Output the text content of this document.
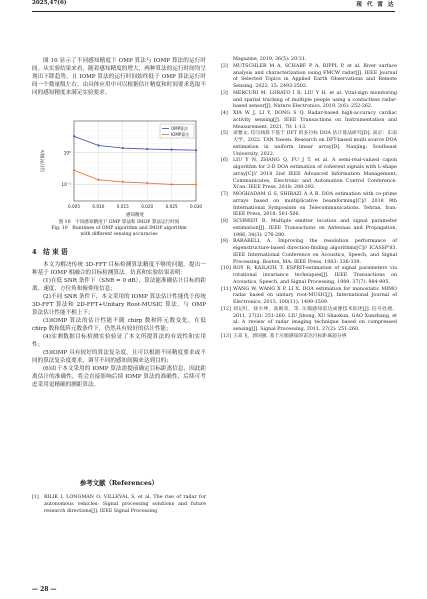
2025,47(6)	现 代 雷 达

图 10 显示了不同感知精度下 OMP 算法与 IOMP 算法的运行时间。从实验结果来看，随着感知精度的增大，两种算法的运行时间均呈现出下降趋势，且 IOMP 算法的运行时间始终低于 OMP 算法运行时间一个数量级左右。由具体应用中可以根据估计精度和时间要求选取不同的感知精度来满足实验要求。

0.005	0.010	0.015	0.020	0.025	0.030
10⁰
10⁻¹
OMP算法
IOMP算法
感知精度
运行时间/s
图 10　不同感知精度下 OMP 算法和 IMOP 算法运行时间
Fig. 10　Runtimes of OMP algorithm and IMOP algorithm
with different sensing accuracies
4　结 束 语

本文为解决传统 3D-FFT 目标检测算法精度不够的问题，提出一种基于 IOMP 相融合的目标检测算法。仿真和实验结果表明：

(1)在低 SNR 条件下（SNR = 0 dB），算法能准确估计目标的距离、速度、方位角和俯仰角信息；

(2)不同 SNR 条件下，本文采用的 IOMP 算法估计性能优于传统 3D-FFT 算法和 2D-FFT+Unitary Root-MUSIC 算法，与 OMP 算法估计性能不相上下；

(3)IOMP 算法的估计性能不随 chirp 数和阵元数变化，在低 chirp 数和低阵元数条件下，仍然具有较好的估计性能；

(4)实测数据目标检测实验验证了本文所提算法的有效性和实用性；

(5)IOMP 具有较好的算法复杂度，且可以根据不同精度要求或不同的算法复杂度要求，调节不同的感知间隔来达到目的；

(6)由于本文采用的 IOMP 算法需提前确定目标距离信息，因此距离估计的准确性，将会直接影响后续 IOMP 算法的准确性，后续可考虑采用更精确的测距算法。

参考文献（References）
[1]	BILIK I, LONGMAN O, VILLEVAL S, et al. The rise of radar for autonomous vehicles: Signal processing solutions and future research directions[J]. IEEE Signal Processing
Magazine, 2019, 36(5): 20-31.
[2]	MUTSCHLER M A, SCHARF P A, RIPPL P, et al. River surface analysis and characterization using FMCW radar[J]. IEEE Journal of Selected Topics in Applied Earth Observations and Remote Sensing, 2022, 15: 2493-2502.
[3]	MERCURI M, LORATO I R, LIU Y H, et al. Vital-sign monitoring and spatial tracking of multiple people using a contactless radar-based sensor[J]. Nature Electronics, 2019, 2(6): 252-262.
[4]	XIA W J, LI Y, DONG S Q. Radar-based high-accuracy cardiac activity sensing[J]. IEEE Transactions on Instrumentation and Measurement, 2021, 70: 1-13.
[5]	谈雅文. 均匀线阵下基于 DFT 的多目标 DOA 估计算法研究[D]. 南京：东南大学，2022. TAN Yawen. Research on DFT-based multi source DOA estimation in uniform linear array[D]. Nanjing: Southeast University, 2022.
[6]	LIU Y N, ZHANG Q, FU J T, et al. A semi-real-valued capon algorithm for 2-D DOA estimation of coherent signals with L-shape array[C]// 2018 2nd IEEE Advanced Information Management, Communicates, Electronic and Automation Control Conference. Xi'an: IEEE Press, 2018: 288-292.
[7]	MOGHADAM G S, SHIRAZI A A B. DOA estimation with co-prime arrays based on multiplicative beamforming[C]// 2018 9th International Symposium on Telecommunications. Tehran, Iran: IEEE Press, 2018: 501-506.
[8]	SCHMIDT R. Multiple emitter location and signal parameter estimation[J]. IEEE Transactions on Antennas and Propagation, 1986, 34(3): 276-280.
[9]	BARABELL A. Improving the resolution performance of eigenstructure-based direction-finding algorithms[C]// ICASSP'83. IEEE International Conference on Acoustics, Speech, and Signal Processing. Boston, MA: IEEE Press, 1983: 336-339.
[10] ROY R, KAILATH T. ESPRIT-estimation of signal parameters via rotational invariance techniques[J]. IEEE Transactions on Acoustics, Speech, and Signal Processing, 1989, 37(7): 984-995.
[11] WANG W, WANG X P, LI X. DOA estimation for monostatic MIMO radar based on unitary root-MUSIC[J]. International Journal of Electronics, 2013, 100(11): 1499-1509.
[12] 刘记红，徐少坤，高勋章，等. 压缩感知雷达成像技术综述[J]. 信号处理，2011, 27(2): 251-260. LIU Jihong, XU Shaokun, GAO Xunzhang, et al. A review of radar imaging technique based on compressed sensing[J]. Signal Processing, 2011, 27(2): 251-260.
[13] 王高飞，郭国强. 基于压缩感知的雷达目标距离超分辨
— 28 —
